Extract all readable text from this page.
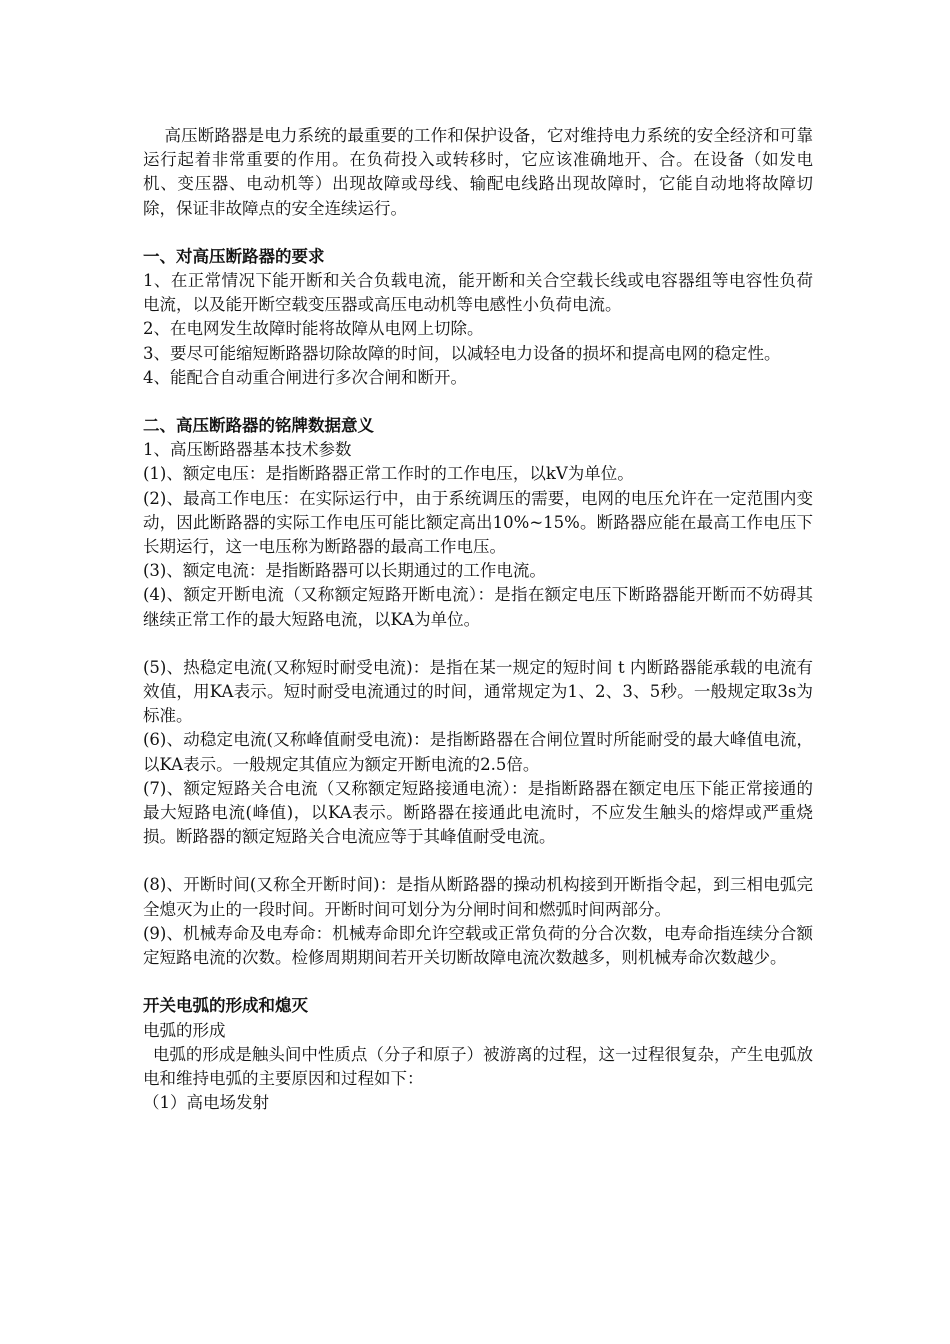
高压断路器是电力系统的最重要的工作和保护设备，它对维持电力系统的安全经济和可靠运行起着非常重要的作用。在负荷投入或转移时，它应该准确地开、合。在设备（如发电机、变压器、电动机等）出现故障或母线、输配电线路出现故障时，它能自动地将故障切除，保证非故障点的安全连续运行。

一、对高压断路器的要求

1、在正常情况下能开断和关合负载电流，能开断和关合空载长线或电容器组等电容性负荷电流，以及能开断空载变压器或高压电动机等电感性小负荷电流。

2、在电网发生故障时能将故障从电网上切除。

3、要尽可能缩短断路器切除故障的时间，以减轻电力设备的损坏和提高电网的稳定性。

4、能配合自动重合闸进行多次合闸和断开。

二、高压断路器的铭牌数据意义

1、高压断路器基本技术参数

(1)、额定电压：是指断路器正常工作时的工作电压，以kV为单位。

(2)、最高工作电压：在实际运行中，由于系统调压的需要，电网的电压允许在一定范围内变动，因此断路器的实际工作电压可能比额定高出10%~15%。断路器应能在最高工作电压下长期运行，这一电压称为断路器的最高工作电压。

(3)、额定电流：是指断路器可以长期通过的工作电流。

(4)、额定开断电流（又称额定短路开断电流）：是指在额定电压下断路器能开断而不妨碍其继续正常工作的最大短路电流，以KA为单位。

(5)、热稳定电流(又称短时耐受电流)：是指在某一规定的短时间 t 内断路器能承载的电流有效值，用KA表示。短时耐受电流通过的时间，通常规定为1、2、3、5秒。一般规定取3s为标准。

(6)、动稳定电流(又称峰值耐受电流)：是指断路器在合闸位置时所能耐受的最大峰值电流，以KA表示。一般规定其值应为额定开断电流的2.5倍。

(7)、额定短路关合电流（又称额定短路接通电流）：是指断路器在额定电压下能正常接通的最大短路电流(峰值)，以KA表示。断路器在接通此电流时，不应发生触头的熔焊或严重烧损。断路器的额定短路关合电流应等于其峰值耐受电流。

(8)、开断时间(又称全开断时间)：是指从断路器的操动机构接到开断指令起，到三相电弧完全熄灭为止的一段时间。开断时间可划分为分闸时间和燃弧时间两部分。

(9)、机械寿命及电寿命：机械寿命即允许空载或正常负荷的分合次数，电寿命指连续分合额定短路电流的次数。检修周期期间若开关切断故障电流次数越多，则机械寿命次数越少。

开关电弧的形成和熄灭

电弧的形成

电弧的形成是触头间中性质点（分子和原子）被游离的过程，这一过程很复杂，产生电弧放电和维持电弧的主要原因和过程如下：

（1）高电场发射
